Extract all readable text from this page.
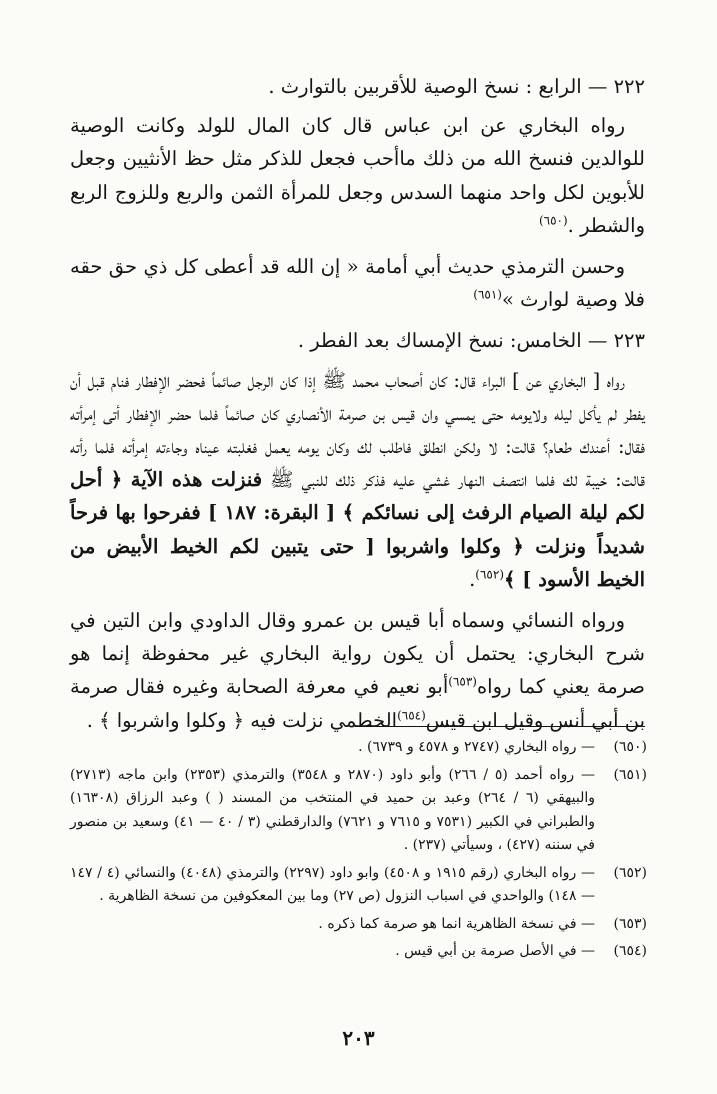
٢٢٢ — الرابع : نسخ الوصية للأقربين بالتوارث .

رواه البخاري عن ابن عباس قال كان المال للولد وكانت الوصية للوالدين فنسخ الله من ذلك ماأحب فجعل للذكر مثل حظ الأنثيين وجعل للأبوين لكل واحد منهما السدس وجعل للمرأة الثمن والربع وللزوج الربع والشطر .$^{(٦٥٠)}$

وحسن الترمذي حديث أبي أمامة « إن الله قد أعطى كل ذي حق حقه فلا وصية لوارث »$^{(٦٥١)}$

٢٢٣ — الخامس: نسخ الإمساك بعد الفطر .

رواه [ البخاري عن ] البراء قال: كان أصحاب محمد ﷺ إذا كان الرجل صائماً فحضر الإفطار فنام قبل أن يفطر لم يأكل ليله ولايومه حتى يمسي وان قيس بن صرمة الأنصاري كان صائماً فلما حضر الإفطار أتى إمرأته فقال: أعندك طعام؟ قالت: لا ولكن انطلق فاطلب لك وكان يومه يعمل فغلبته عيناه وجاءته إمرأته فلما رأته قالت: خيبة لك فلما انتصف النهار غشي عليه فذكر ذلك للنبي ﷺ فنزلت هذه الآية ﴿ أحل لكم ليلة الصيام الرفث إلى نسائكم ﴾ [ البقرة: ١٨٧ ] ففرحوا بها فرحاً شديداً ونزلت ﴿ وكلوا واشربوا [ حتى يتبين لكم الخيط الأبيض من الخيط الأسود ] ﴾$^{(٦٥٢)}$.

ورواه النسائي وسماه أبا قيس بن عمرو وقال الداودي وابن التين في شرح البخاري: يحتمل أن يكون رواية البخاري غير محفوظة إنما هو صرمة يعني كما رواه$^{(٦٥٣)}$أبو نعيم في معرفة الصحابة وغيره فقال صرمة بن أبي أنس وقيل ابن قيس$^{(٦٥٤)}$الخطمي نزلت فيه ﴿ وكلوا واشربوا ﴾ .

(٦٥٠)
— رواه البخاري (٢٧٤٧ و ٤٥٧٨ و ٦٧٣٩) .

(٦٥١)
— رواه أحمد (٥ / ٢٦٦) وأبو داود (٢٨٧٠ و ٣٥٤٨) والترمذي (٢٣٥٣) وابن ماجه (٢٧١٣) والبيهقي (٦ / ٢٦٤) وعبد بن حميد في المنتخب من المسند ( ) وعبد الرزاق (١٦٣٠٨) والطبراني في الكبير (٧٥٣١ و ٧٦١٥ و ٧٦٢١) والدارقطني (٣ / ٤٠ — ٤١) وسعيد بن منصور في سننه (٤٢٧) ، وسيأتي (٢٣٧) .

(٦٥٢)
— رواه البخاري (رقم ١٩١٥ و ٤٥٠٨) وابو داود (٢٢٩٧) والترمذي (٤٠٤٨) والنسائي (٤ / ١٤٧ — ١٤٨) والواحدي في اسباب النزول (ص ٢٧) وما بين المعكوفين من نسخة الظاهرية .

(٦٥٣)
— في نسخة الظاهرية انما هو صرمة كما ذكره .

(٦٥٤)
— في الأصل صرمة بن أبي قيس .

٢٠٣
